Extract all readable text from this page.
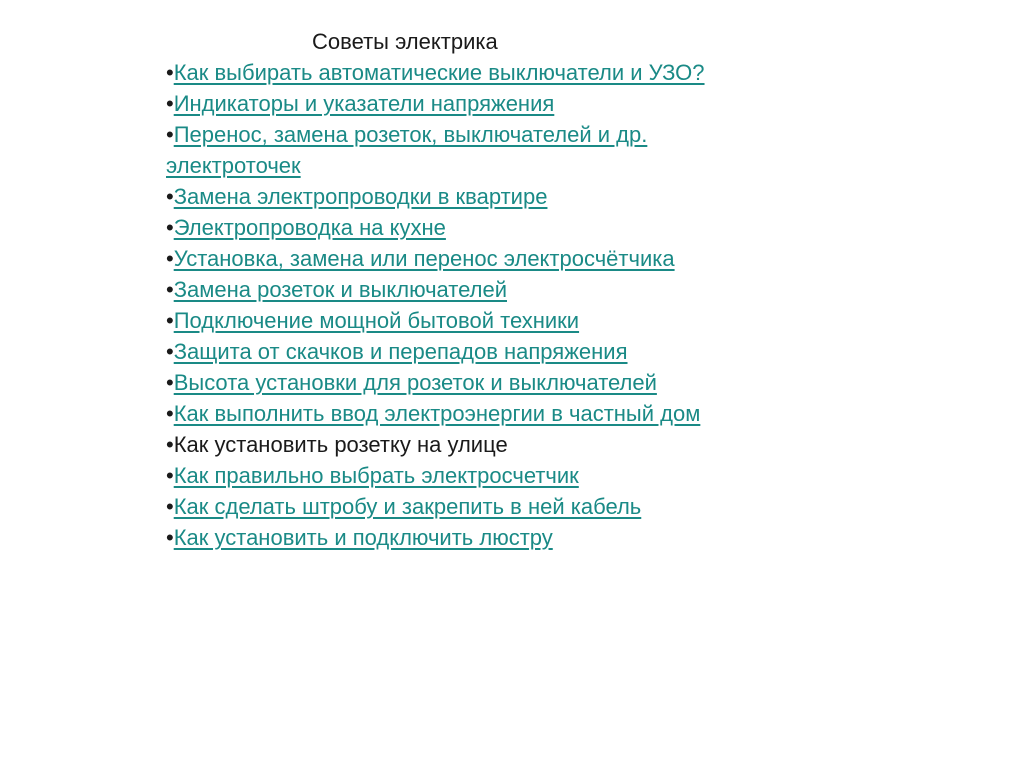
Советы электрика
•Как выбирать автоматические выключатели и УЗО?
•Индикаторы и указатели напряжения
•Перенос, замена розеток, выключателей и др. электроточек
•Замена электропроводки в квартире
•Электропроводка на кухне
•Установка, замена или перенос электросчётчика
•Замена розеток и выключателей
•Подключение мощной бытовой техники
•Защита от скачков и перепадов напряжения
•Высота установки для розеток и выключателей
•Как выполнить ввод электроэнергии в частный дом
•Как установить розетку на улице
•Как правильно выбрать электросчетчик
•Как сделать штробу и закрепить в ней кабель
•Как установить и подключить люстру
